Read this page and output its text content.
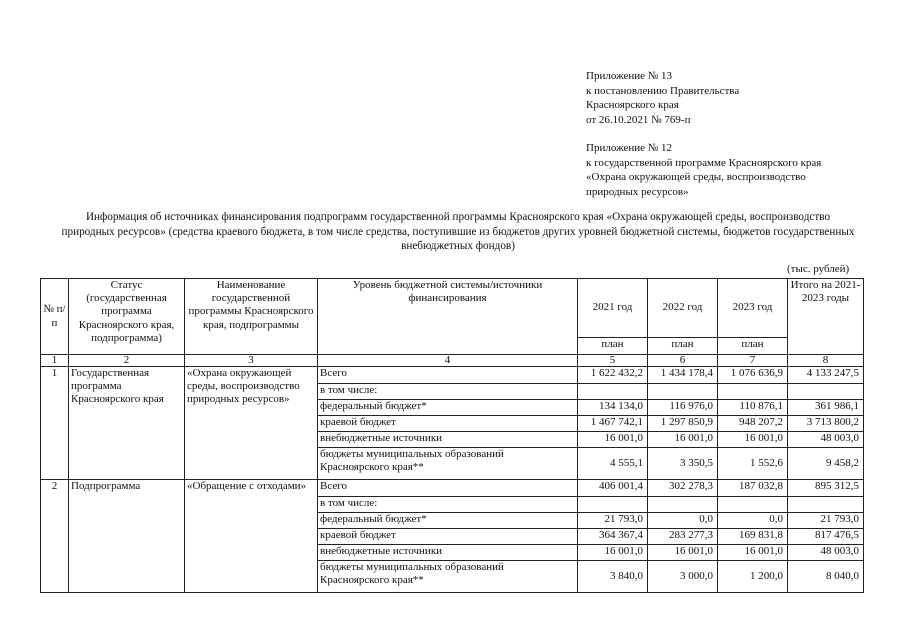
Приложение № 13
к постановлению Правительства
Красноярского края
от 26.10.2021 № 769-п
Приложение № 12
к государственной программе Красноярского края
«Охрана окружающей среды, воспроизводство
природных ресурсов»
Информация об источниках финансирования подпрограмм государственной программы Красноярского края «Охрана окружающей среды, воспроизводство
природных ресурсов» (средства краевого бюджета, в том числе средства, поступившие из бюджетов других уровней бюджетной системы, бюджетов государственных
внебюджетных фондов)
(тыс. рублей)
№ п/п	Статус (государственная программа Красноярского края, подпрограмма)	Наименование государственной программы Красноярского края, подпрограммы	Уровень бюджетной системы/источники финансирования	2021 год	2022 год	2023 год	Итого на 2021-2023 годы
				план	план	план	
1	2	3	4	5	6	7	8
1	Государственная программа Красноярского края	«Охрана окружающей среды, воспроизводство природных ресурсов»	Всего	1 622 432,2	1 434 178,4	1 076 636,9	4 133 247,5
			в том числе:				
			федеральный бюджет*	134 134,0	116 976,0	110 876,1	361 986,1
			краевой бюджет	1 467 742,1	1 297 850,9	948 207,2	3 713 800,2
			внебюджетные источники	16 001,0	16 001,0	16 001,0	48 003,0
			бюджеты муниципальных образований Красноярского края**	4 555,1	3 350,5	1 552,6	9 458,2
2	Подпрограмма	«Обращение с отходами»	Всего	406 001,4	302 278,3	187 032,8	895 312,5
			в том числе:				
			федеральный бюджет*	21 793,0	0,0	0,0	21 793,0
			краевой бюджет	364 367,4	283 277,3	169 831,8	817 476,5
			внебюджетные источники	16 001,0	16 001,0	16 001,0	48 003,0
			бюджеты муниципальных образований Красноярского края**	3 840,0	3 000,0	1 200,0	8 040,0
